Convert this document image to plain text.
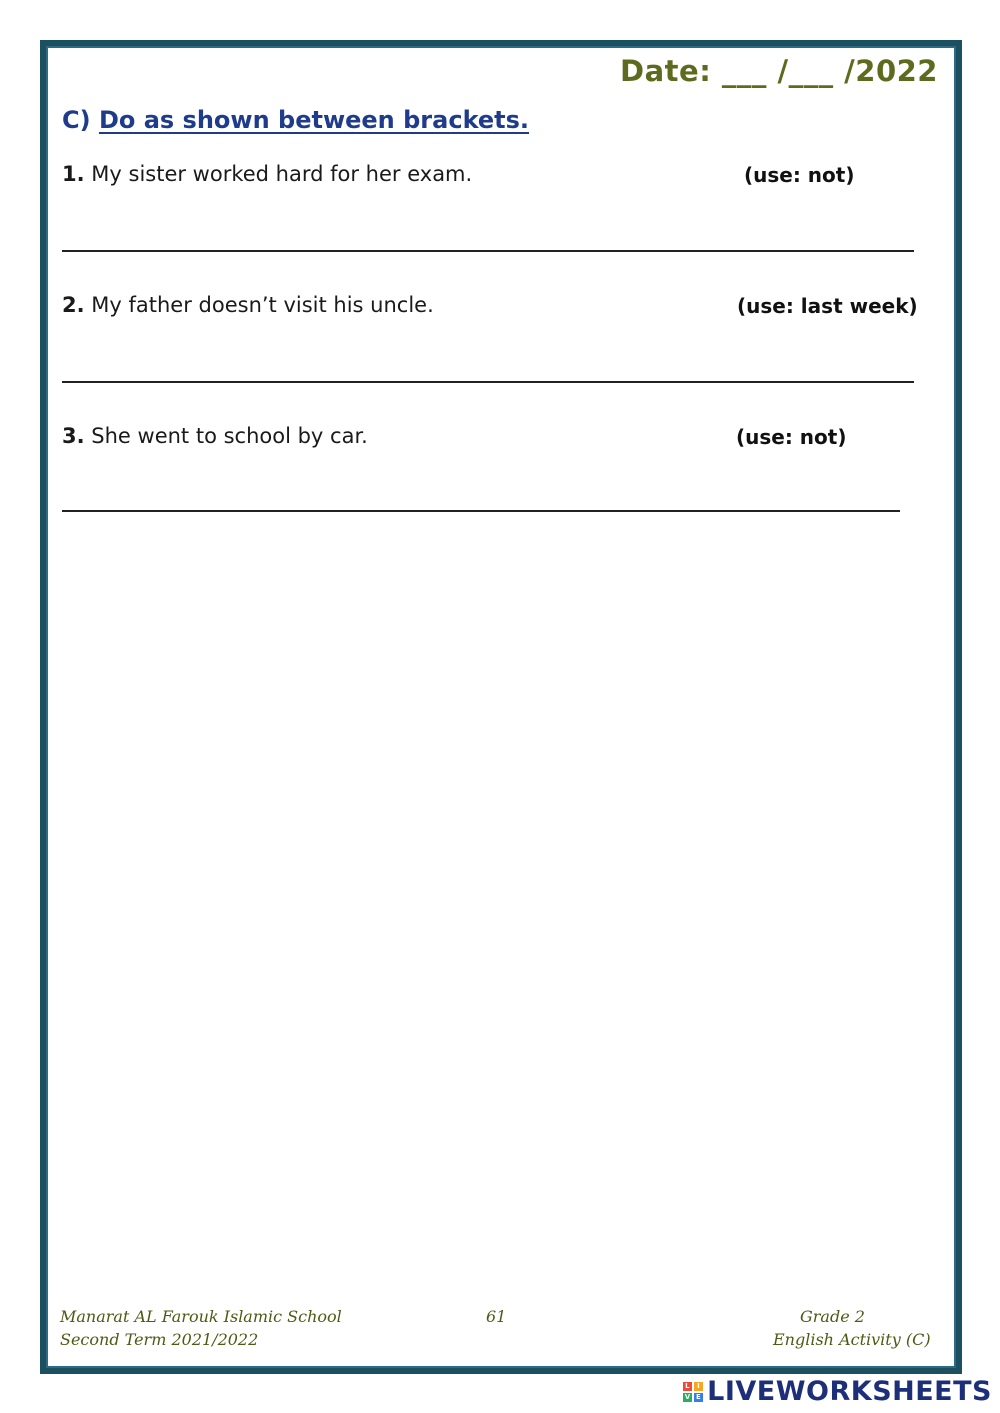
Date: ___ /___ /2022
C) Do as shown between brackets.
1. My sister worked hard for her exam.	(use: not)
2. My father doesn’t visit his uncle.	(use: last week)
3. She went to school by car.	(use: not)
Manarat AL Farouk Islamic School
Second Term 2021/2022
61	Grade 2
English Activity (C)
L I
V E LIVEWORKSHEETS
